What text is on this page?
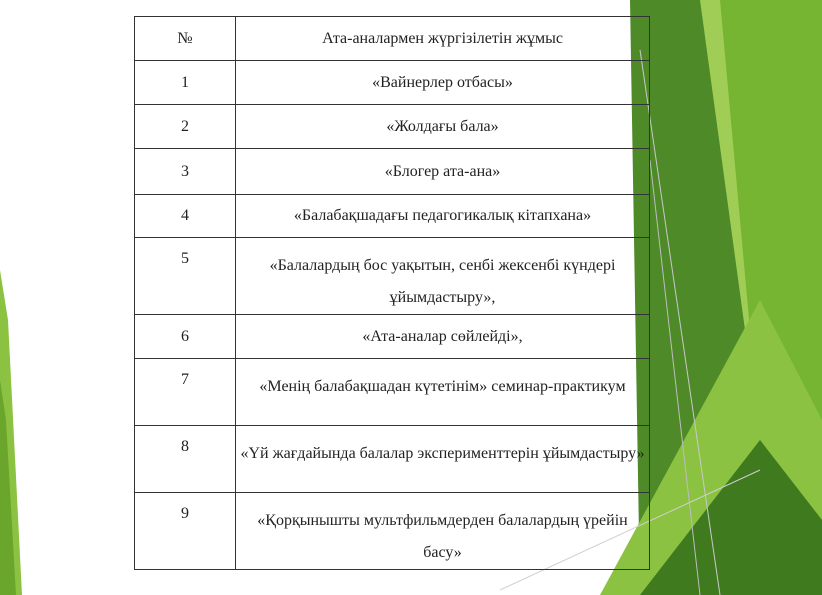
№	Ата-аналармен жүргізілетін жұмыс
1	«Вайнерлер отбасы»
2	«Жолдағы бала»
3	«Блогер ата-ана»
4	«Балабақшадағы педагогикалық кітапхана»
5	«Балалардың бос уақытын, сенбі жексенбі күндері ұйымдастыру»,
6	«Ата-аналар сөйлейді»,
7	«Менің балабақшадан күтетінім» семинар-практикум
8	«Үй жағдайында балалар эксперименттерін ұйымдастыру»
9	«Қорқынышты мультфильмдерден балалардың үрейін басу»
